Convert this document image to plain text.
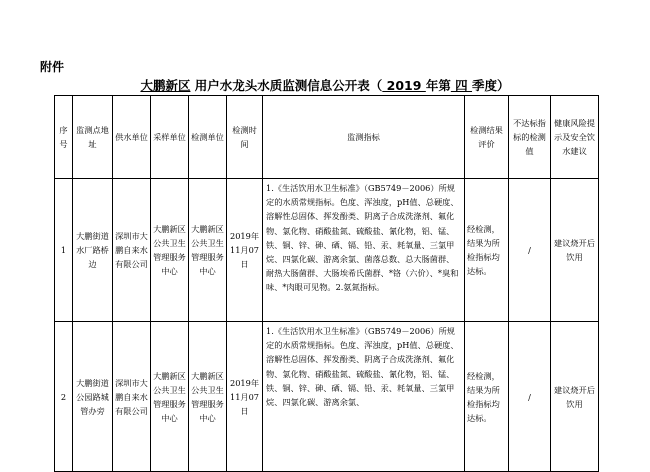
附件
大鹏新区 用户水龙头水质监测信息公开表（ 2019 年第 四 季度）
序号	监测点地址	供水单位	采样单位	检测单位	检测时间	监测指标	检测结果评价	不达标指标的检测值	健康风险提示及安全饮水建议
1	大鹏街道水厂路桥边	深圳市大鹏自来水有限公司	大鹏新区公共卫生管理服务中心	大鹏新区公共卫生管理服务中心	2019年11月07日	1.《生活饮用水卫生标准》（GB5749－2006）所规定的水质常规指标。色度、浑浊度，pH值、总硬度、溶解性总固体、挥发酚类、阴离子合成洗涤剂、氟化物、氯化物、硝酸盐氮、硫酸盐、氰化物，铝、锰、铁、铜、锌、砷、硒、镉、铅、汞、耗氧量、三氯甲烷、四氯化碳、游离余氯、菌落总数、总大肠菌群、耐热大肠菌群、大肠埃希氏菌群、*铬（六价）、*臭和味、*肉眼可见物。2.氨氮指标。	经检测，结果为所检指标均达标。	/	建议烧开后饮用
2	大鹏街道公园路城管办旁	深圳市大鹏自来水有限公司	大鹏新区公共卫生管理服务中心	大鹏新区公共卫生管理服务中心	2019年11月07日	1.《生活饮用水卫生标准》（GB5749－2006）所规定的水质常规指标。色度、浑浊度，pH值、总硬度、溶解性总固体、挥发酚类、阴离子合成洗涤剂、氟化物、氯化物、硝酸盐氮、硫酸盐、氰化物，铝、锰、铁、铜、锌、砷、硒、镉、铅、汞、耗氧量、三氯甲烷、四氯化碳、游离余氯、	经检测，结果为所检指标均达标。	/	建议烧开后饮用
